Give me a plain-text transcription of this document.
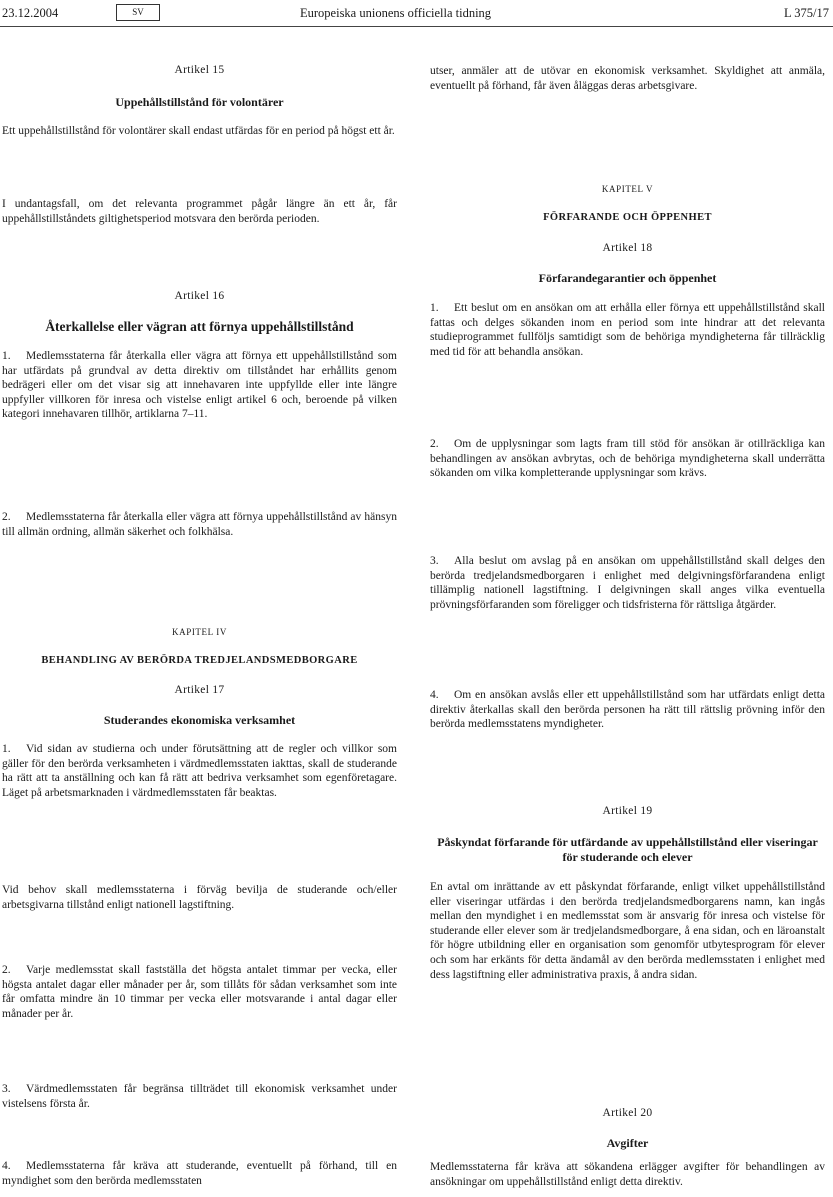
23.12.2004	SV	Europeiska unionens officiella tidning	L 375/17
Artikel 15
Uppehållstillstånd för volontärer
Ett uppehållstillstånd för volontärer skall endast utfärdas för en period på högst ett år.
I undantagsfall, om det relevanta programmet pågår längre än ett år, får uppehållstillståndets giltighetsperiod motsvara den berörda perioden.
Artikel 16
Återkallelse eller vägran att förnya uppehållstillstånd
1. Medlemsstaterna får återkalla eller vägra att förnya ett uppehållstillstånd som har utfärdats på grundval av detta direktiv om tillståndet har erhållits genom bedrägeri eller om det visar sig att innehavaren inte uppfyllde eller inte längre uppfyller villkoren för inresa och vistelse enligt artikel 6 och, beroende på vilken kategori innehavaren tillhör, artiklarna 7–11.
2. Medlemsstaterna får återkalla eller vägra att förnya uppehållstillstånd av hänsyn till allmän ordning, allmän säkerhet och folkhälsa.
KAPITEL IV
BEHANDLING AV BERÖRDA TREDJELANDSMEDBORGARE
Artikel 17
Studerandes ekonomiska verksamhet
1. Vid sidan av studierna och under förutsättning att de regler och villkor som gäller för den berörda verksamheten i värdmedlemsstaten iakttas, skall de studerande ha rätt att ta anställning och kan få rätt att bedriva verksamhet som egenföretagare. Läget på arbetsmarknaden i värdmedlemsstaten får beaktas.
Vid behov skall medlemsstaterna i förväg bevilja de studerande och/eller arbetsgivarna tillstånd enligt nationell lagstiftning.
2. Varje medlemsstat skall fastställa det högsta antalet timmar per vecka, eller högsta antalet dagar eller månader per år, som tillåts för sådan verksamhet som inte får omfatta mindre än 10 timmar per vecka eller motsvarande i antal dagar eller månader per år.
3. Värdmedlemsstaten får begränsa tillträdet till ekonomisk verksamhet under vistelsens första år.
4. Medlemsstaterna får kräva att studerande, eventuellt på förhand, till en myndighet som den berörda medlemsstaten
utser, anmäler att de utövar en ekonomisk verksamhet. Skyldighet att anmäla, eventuellt på förhand, får även åläggas deras arbetsgivare.
KAPITEL V
FÖRFARANDE OCH ÖPPENHET
Artikel 18
Förfarandegarantier och öppenhet
1. Ett beslut om en ansökan om att erhålla eller förnya ett uppehållstillstånd skall fattas och delges sökanden inom en period som inte hindrar att det relevanta studieprogrammet fullföljs samtidigt som de behöriga myndigheterna får tillräcklig med tid för att behandla ansökan.
2. Om de upplysningar som lagts fram till stöd för ansökan är otillräckliga kan behandlingen av ansökan avbrytas, och de behöriga myndigheterna skall underrätta sökanden om vilka kompletterande upplysningar som krävs.
3. Alla beslut om avslag på en ansökan om uppehållstillstånd skall delges den berörda tredjelandsmedborgaren i enlighet med delgivningsförfarandena enligt tillämplig nationell lagstiftning. I delgivningen skall anges vilka eventuella prövningsförfaranden som föreligger och tidsfristerna för rättsliga åtgärder.
4. Om en ansökan avslås eller ett uppehållstillstånd som har utfärdats enligt detta direktiv återkallas skall den berörda personen ha rätt till rättslig prövning inför den berörda medlemsstatens myndigheter.
Artikel 19
Påskyndat förfarande för utfärdande av uppehållstillstånd eller viseringar för studerande och elever
En avtal om inrättande av ett påskyndat förfarande, enligt vilket uppehållstillstånd eller viseringar utfärdas i den berörda tredjelandsmedborgarens namn, kan ingås mellan den myndighet i en medlemsstat som är ansvarig för inresa och vistelse för studerande eller elever som är tredjelandsmedborgare, å ena sidan, och en läroanstalt för högre utbildning eller en organisation som genomför utbytesprogram för elever och som har erkänts för detta ändamål av den berörda medlemsstaten i enlighet med dess lagstiftning eller administrativa praxis, å andra sidan.
Artikel 20
Avgifter
Medlemsstaterna får kräva att sökandena erlägger avgifter för behandlingen av ansökningar om uppehållstillstånd enligt detta direktiv.
